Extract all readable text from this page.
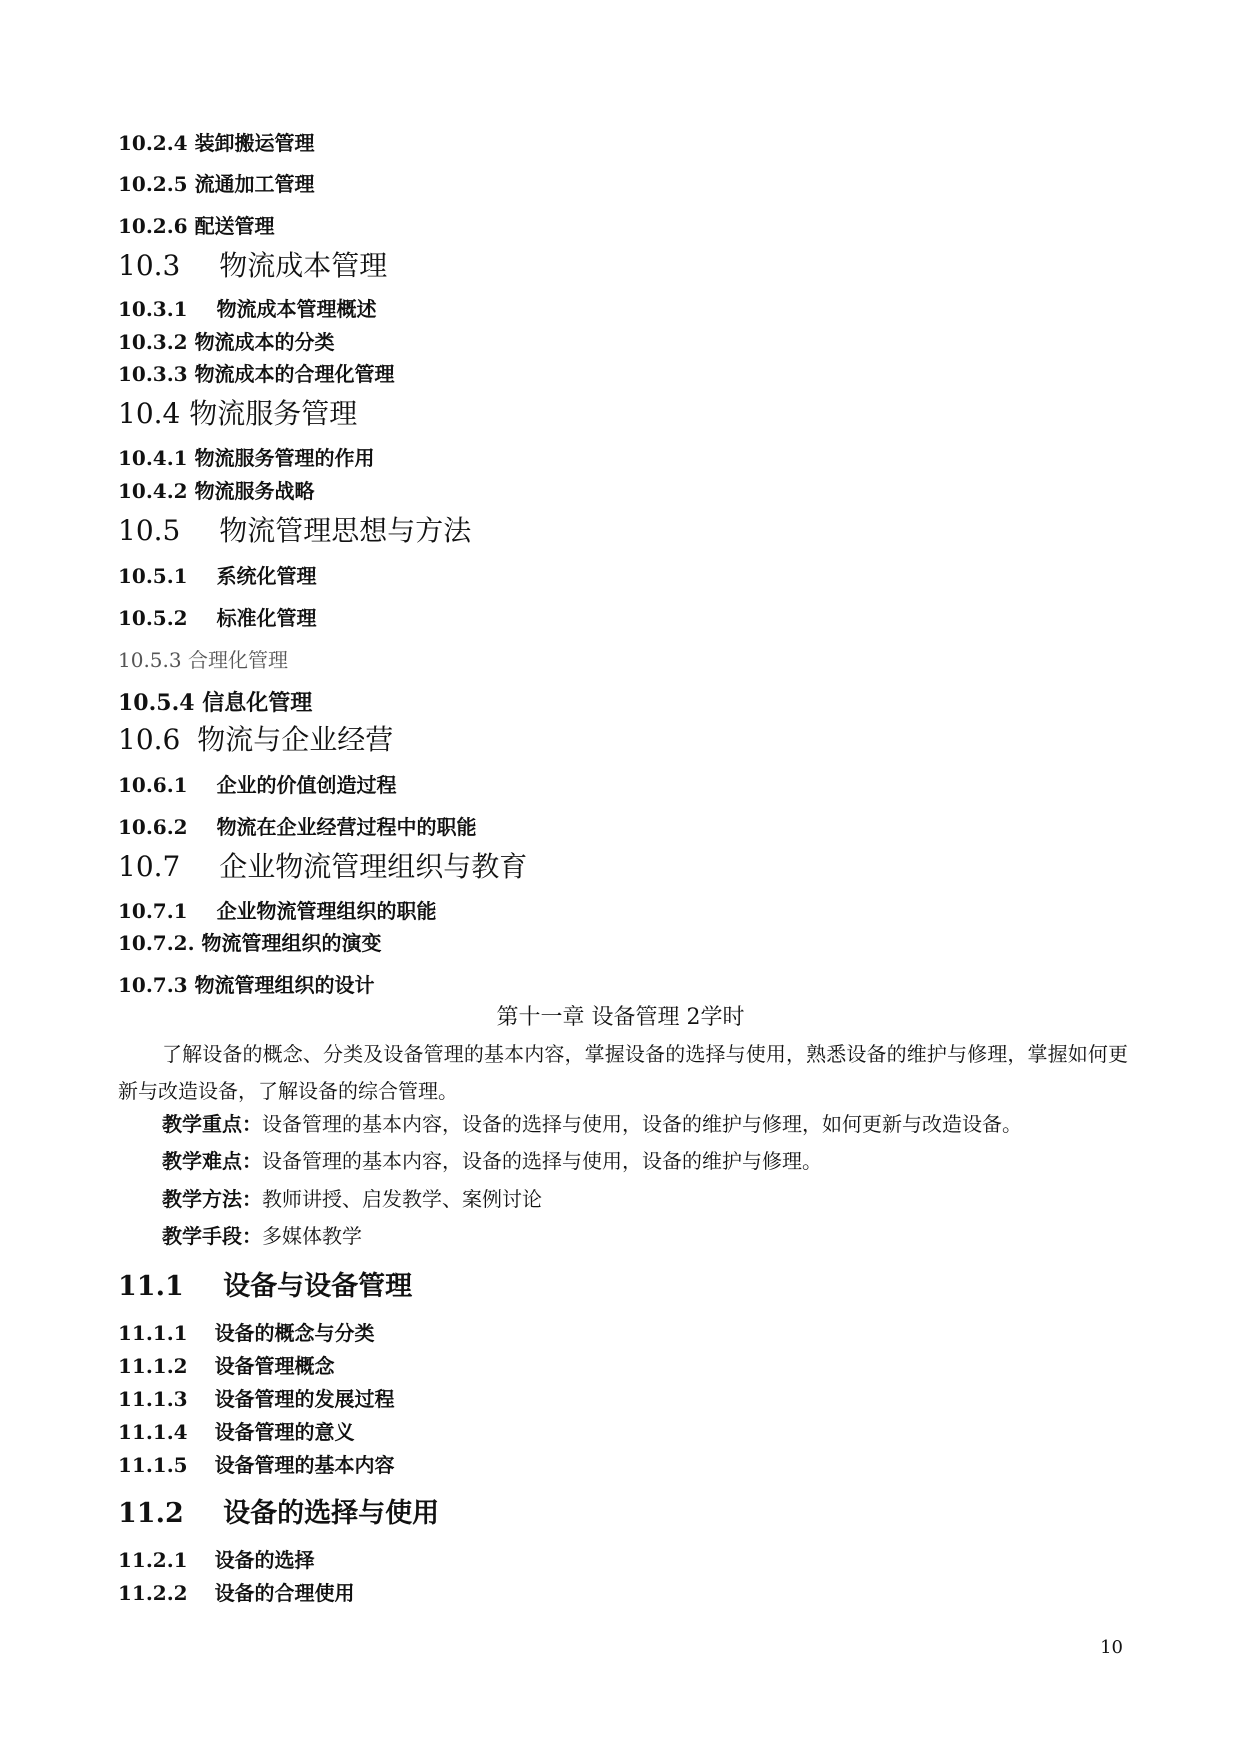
10.2.4 装卸搬运管理
10.2.5 流通加工管理
10.2.6 配送管理
10.3 物流成本管理
10.3.1 物流成本管理概述
10.3.2 物流成本的分类
10.3.3 物流成本的合理化管理
10.4 物流服务管理
10.4.1 物流服务管理的作用
10.4.2 物流服务战略
10.5 物流管理思想与方法
10.5.1 系统化管理
10.5.2 标准化管理
10.5.3 合理化管理
10.5.4 信息化管理
10.6 物流与企业经营
10.6.1 企业的价值创造过程
10.6.2 物流在企业经营过程中的职能
10.7 企业物流管理组织与教育
10.7.1 企业物流管理组织的职能
10.7.2. 物流管理组织的演变
10.7.3 物流管理组织的设计
第十一章 设备管理 2学时
了解设备的概念、分类及设备管理的基本内容，掌握设备的选择与使用，熟悉设备的维护与修理，掌握如何更新与改造设备，了解设备的综合管理。
教学重点：设备管理的基本内容，设备的选择与使用，设备的维护与修理，如何更新与改造设备。
教学难点：设备管理的基本内容，设备的选择与使用，设备的维护与修理。
教学方法：教师讲授、启发教学、案例讨论
教学手段：多媒体教学
11.1 设备与设备管理
11.1.1 设备的概念与分类
11.1.2 设备管理概念
11.1.3 设备管理的发展过程
11.1.4 设备管理的意义
11.1.5 设备管理的基本内容
11.2 设备的选择与使用
11.2.1 设备的选择
11.2.2 设备的合理使用
10
